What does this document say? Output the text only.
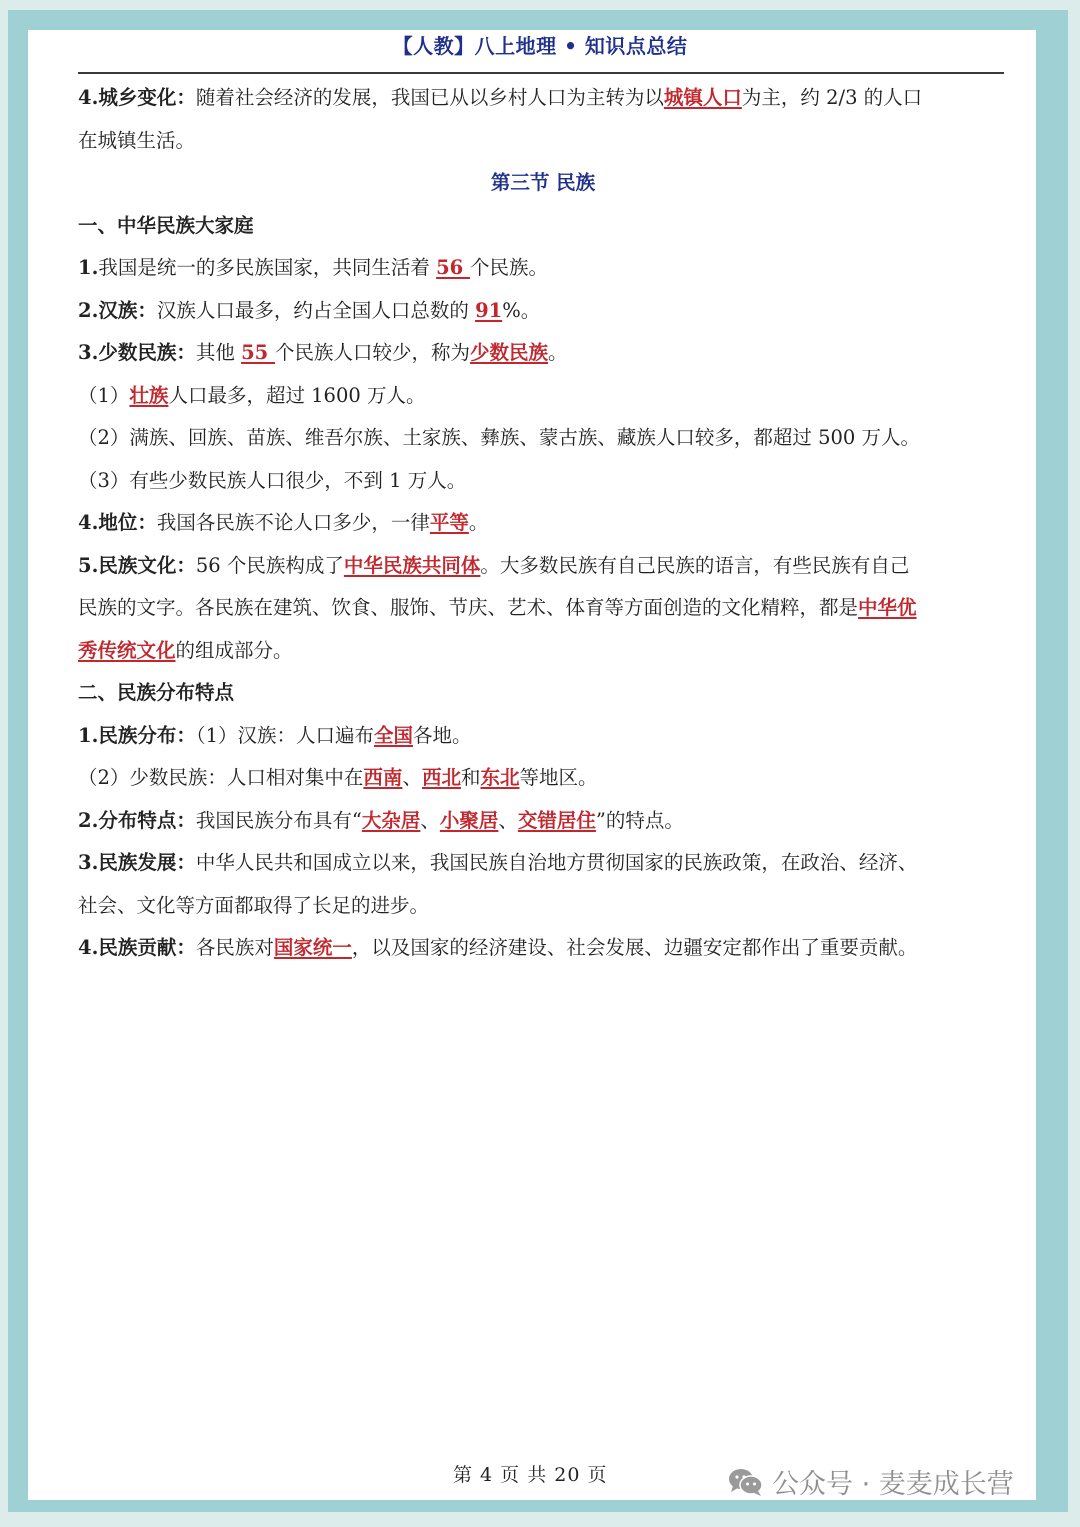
【人教】八上地理 • 知识点总结
4.城乡变化：随着社会经济的发展，我国已从以乡村人口为主转为以城镇人口为主，约 2/3 的人口
在城镇生活。
第三节 民族
一、中华民族大家庭
1.我国是统一的多民族国家，共同生活着 56 个民族。
2.汉族：汉族人口最多，约占全国人口总数的 91%。
3.少数民族：其他 55 个民族人口较少，称为少数民族。
（1）壮族人口最多，超过 1600 万人。
（2）满族、回族、苗族、维吾尔族、土家族、彝族、蒙古族、藏族人口较多，都超过 500 万人。
（3）有些少数民族人口很少，不到 1 万人。
4.地位：我国各民族不论人口多少，一律平等。
5.民族文化：56 个民族构成了中华民族共同体。大多数民族有自己民族的语言，有些民族有自己
民族的文字。各民族在建筑、饮食、服饰、节庆、艺术、体育等方面创造的文化精粹，都是中华优
秀传统文化的组成部分。
二、民族分布特点
1.民族分布：（1）汉族：人口遍布全国各地。
（2）少数民族：人口相对集中在西南、西北和东北等地区。
2.分布特点：我国民族分布具有“大杂居、小聚居、交错居住”的特点。
3.民族发展：中华人民共和国成立以来，我国民族自治地方贯彻国家的民族政策，在政治、经济、
社会、文化等方面都取得了长足的进步。
4.民族贡献：各民族对国家统一，以及国家的经济建设、社会发展、边疆安定都作出了重要贡献。
第 4 页 共 20 页	公众号 · 麦麦成长营
